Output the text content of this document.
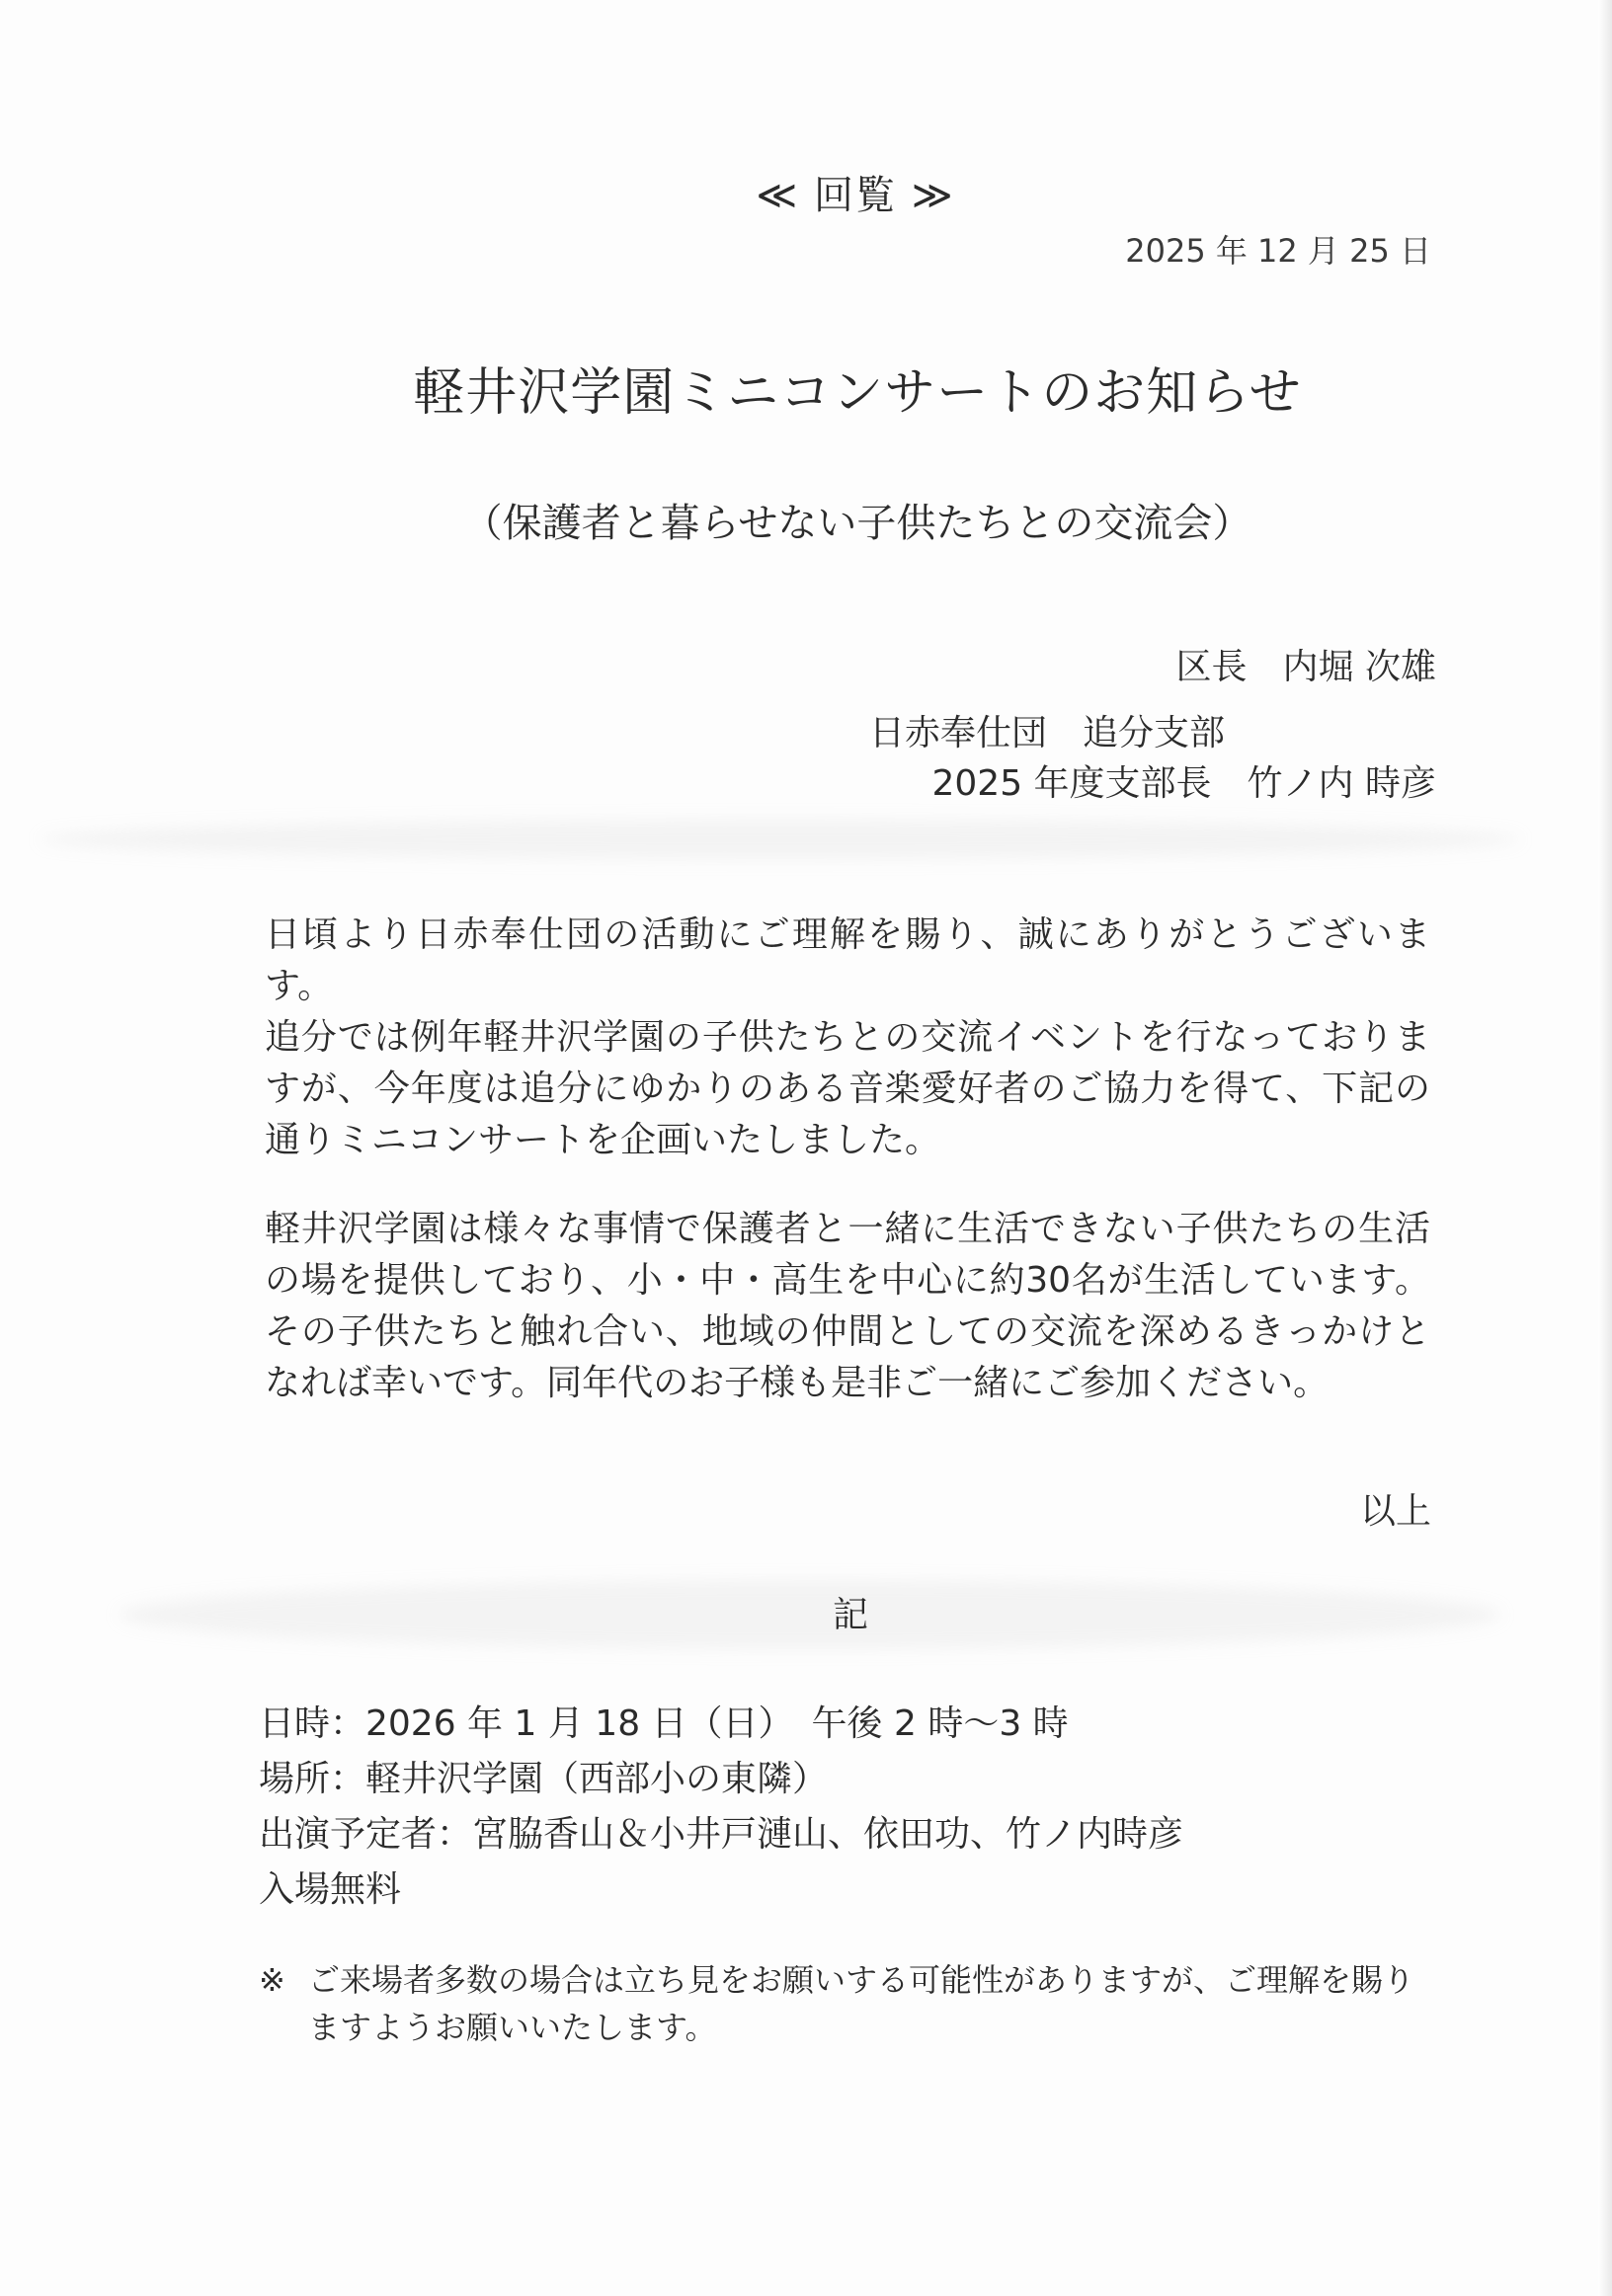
≪ 回覧 ≫
2025 年 12 月 25 日
軽井沢学園ミニコンサートのお知らせ
（保護者と暮らせない子供たちとの交流会）
区長　内堀 次雄
日赤奉仕団　追分支部
2025 年度支部長　竹ノ内 時彦

日頃より日赤奉仕団の活動にご理解を賜り、誠にありがとうございます。
追分では例年軽井沢学園の子供たちとの交流イベントを行なっておりますが、今年度は追分にゆかりのある音楽愛好者のご協力を得て、下記の通りミニコンサートを企画いたしました。

軽井沢学園は様々な事情で保護者と一緒に生活できない子供たちの生活の場を提供しており、小・中・高生を中心に約30名が生活しています。その子供たちと触れ合い、地域の仲間としての交流を深めるきっかけとなれば幸いです。同年代のお子様も是非ご一緒にご参加ください。

以上
記
日時：2026 年 1 月 18 日（日）　午後 2 時～3 時
場所：軽井沢学園（西部小の東隣）
出演予定者：宮脇香山＆小井戸漣山、依田功、竹ノ内時彦
入場無料
※ ご来場者多数の場合は立ち見をお願いする可能性がありますが、ご理解を賜りますようお願いいたします。
